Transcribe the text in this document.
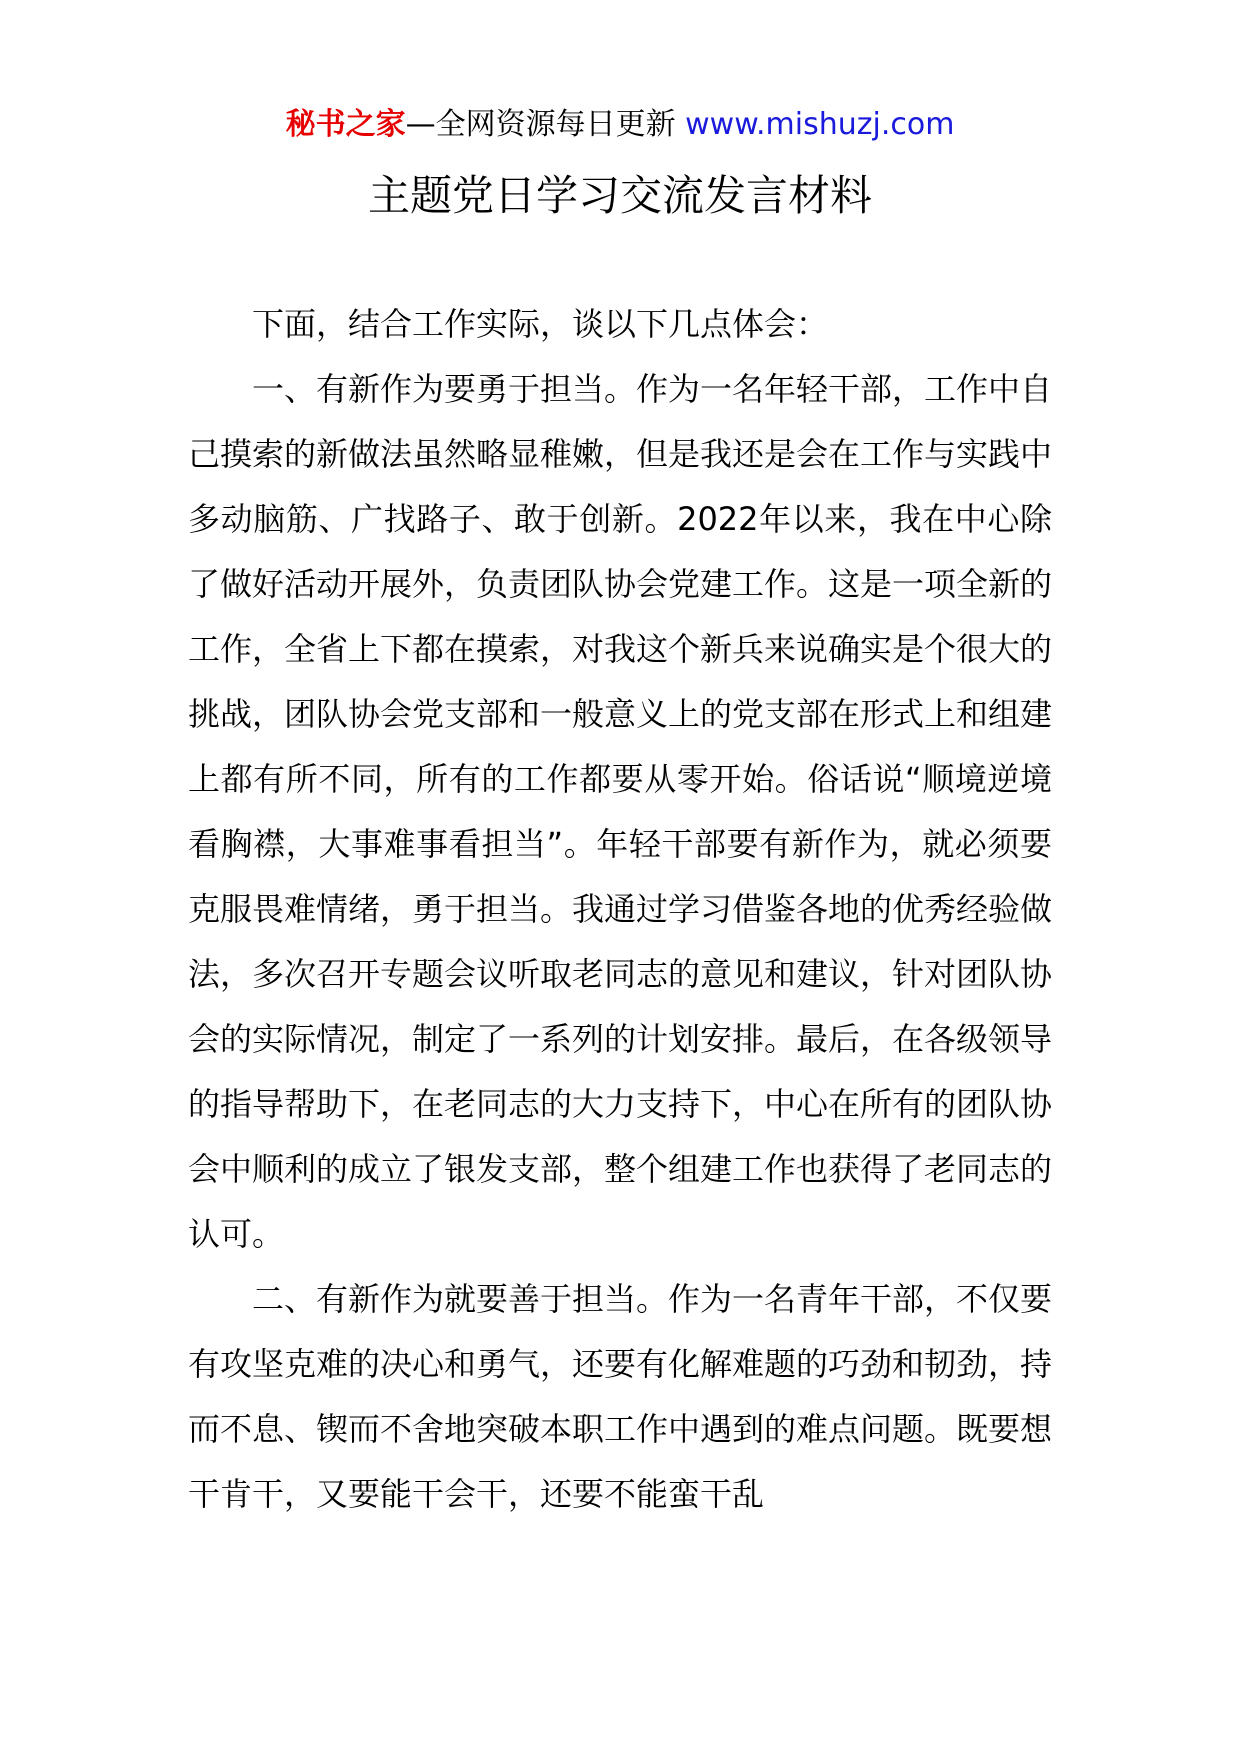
秘书之家—全网资源每日更新 www.mishuzj.com
主题党日学习交流发言材料

下面，结合工作实际，谈以下几点体会：

一、有新作为要勇于担当。作为一名年轻干部，工作中自己摸索的新做法虽然略显稚嫩，但是我还是会在工作与实践中多动脑筋、广找路子、敢于创新。2022年以来，我在中心除了做好活动开展外，负责团队协会党建工作。这是一项全新的工作，全省上下都在摸索，对我这个新兵来说确实是个很大的挑战，团队协会党支部和一般意义上的党支部在形式上和组建上都有所不同，所有的工作都要从零开始。俗话说“顺境逆境看胸襟，大事难事看担当”。年轻干部要有新作为，就必须要克服畏难情绪，勇于担当。我通过学习借鉴各地的优秀经验做法，多次召开专题会议听取老同志的意见和建议，针对团队协会的实际情况，制定了一系列的计划安排。最后，在各级领导的指导帮助下，在老同志的大力支持下，中心在所有的团队协会中顺利的成立了银发支部，整个组建工作也获得了老同志的认可。

二、有新作为就要善于担当。作为一名青年干部，不仅要有攻坚克难的决心和勇气，还要有化解难题的巧劲和韧劲，持而不息、锲而不舍地突破本职工作中遇到的难点问题。既要想干肯干，又要能干会干，还要不能蛮干乱
